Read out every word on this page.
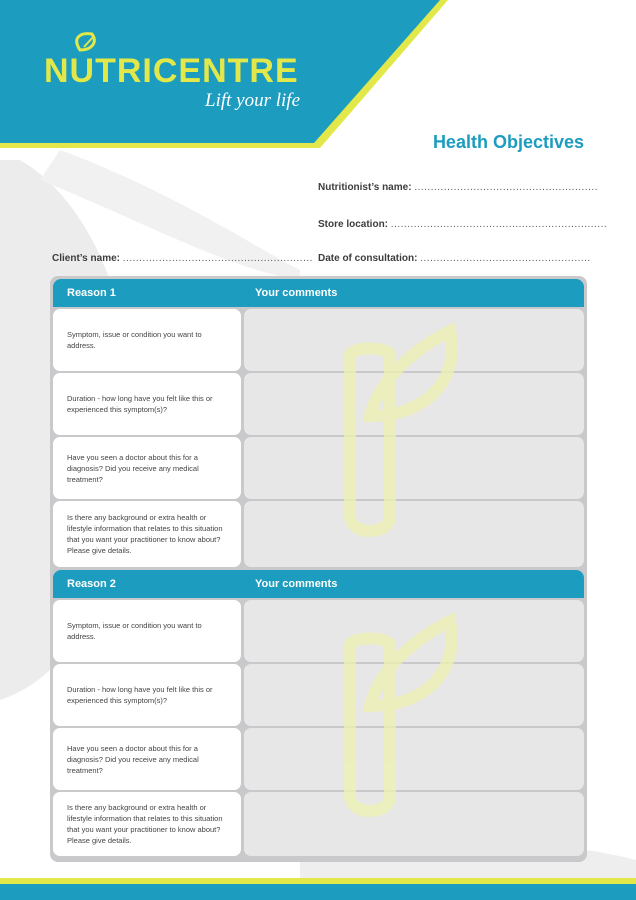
NUTRICENTRE
Lift your life
Health Objectives
Nutritionist’s name: ........................................................
Store location: ..................................................................
Client’s name: .......................................................... Date of consultation: ....................................................
Reason 1	Your comments
Symptom, issue or condition you want to address.
Duration - how long have you felt like this or experienced this symptom(s)?
Have you seen a doctor about this for a diagnosis? Did you receive any medical treatment?
Is there any background or extra health or lifestyle information that relates to this situation that you want your practitioner to know about? Please give details.
Reason 2	Your comments
Symptom, issue or condition you want to address.
Duration - how long have you felt like this or experienced this symptom(s)?
Have you seen a doctor about this for a diagnosis? Did you receive any medical treatment?
Is there any background or extra health or lifestyle information that relates to this situation that you want your practitioner to know about? Please give details.
